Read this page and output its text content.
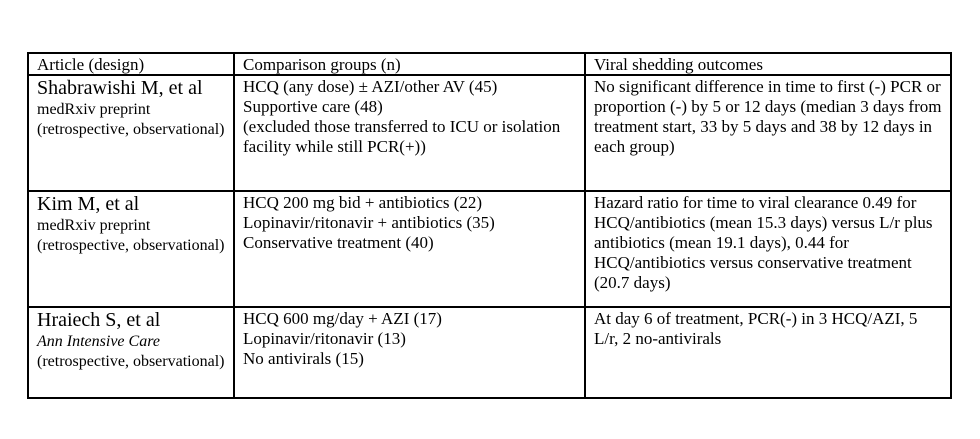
Article (design)	Comparison groups (n)	Viral shedding outcomes

Shabrawishi M, et al
medRxiv preprint
(retrospective, observational)	HCQ (any dose) ± AZI/other AV (45)
Supportive care (48)
(excluded those transferred to ICU or isolation facility while still PCR(+))	No significant difference in time to first (-) PCR or proportion (-) by 5 or 12 days (median 3 days from treatment start, 33 by 5 days and 38 by 12 days in each group)

Kim M, et al
medRxiv preprint
(retrospective, observational)	HCQ 200 mg bid + antibiotics (22)
Lopinavir/ritonavir + antibiotics (35)
Conservative treatment (40)	Hazard ratio for time to viral clearance 0.49 for HCQ/antibiotics (mean 15.3 days) versus L/r plus antibiotics (mean 19.1 days), 0.44 for HCQ/antibiotics versus conservative treatment (20.7 days)

Hraiech S, et al
Ann Intensive Care
(retrospective, observational)	HCQ 600 mg/day + AZI (17)
Lopinavir/ritonavir (13)
No antivirals (15)	At day 6 of treatment, PCR(-) in 3 HCQ/AZI, 5 L/r, 2 no-antivirals
